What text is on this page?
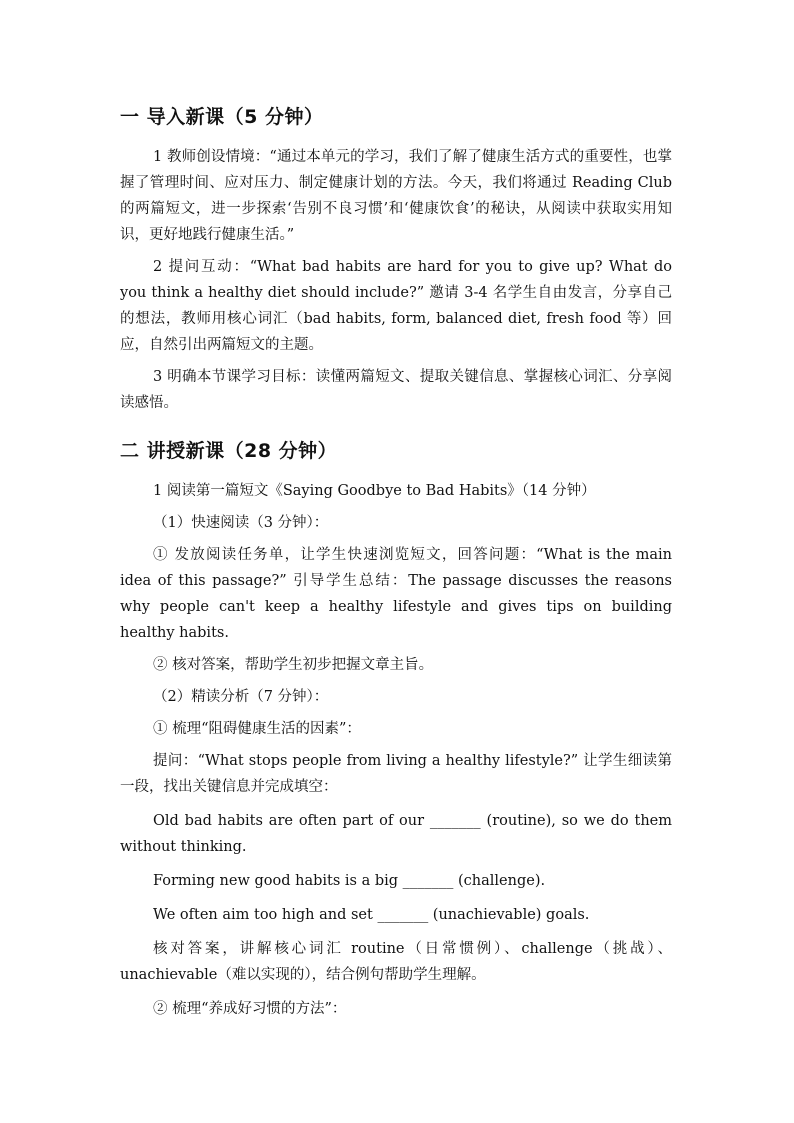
一 导入新课（5 分钟）

1 教师创设情境：“通过本单元的学习，我们了解了健康生活方式的重要性，也掌握了管理时间、应对压力、制定健康计划的方法。今天，我们将通过 Reading Club 的两篇短文，进一步探索‘告别不良习惯’和‘健康饮食’的秘诀，从阅读中获取实用知识，更好地践行健康生活。”

2 提问互动：“What bad habits are hard for you to give up? What do you think a healthy diet should include?” 邀请 3-4 名学生自由发言，分享自己的想法，教师用核心词汇（bad habits, form, balanced diet, fresh food 等）回应，自然引出两篇短文的主题。

3 明确本节课学习目标：读懂两篇短文、提取关键信息、掌握核心词汇、分享阅读感悟。

二 讲授新课（28 分钟）

1 阅读第一篇短文《Saying Goodbye to Bad Habits》（14 分钟）

（1）快速阅读（3 分钟）：

① 发放阅读任务单，让学生快速浏览短文，回答问题：“What is the main idea of this passage?” 引导学生总结：The passage discusses the reasons why people can't keep a healthy lifestyle and gives tips on building healthy habits.

② 核对答案，帮助学生初步把握文章主旨。

（2）精读分析（7 分钟）：

① 梳理“阻碍健康生活的因素”：

提问：“What stops people from living a healthy lifestyle?” 让学生细读第一段，找出关键信息并完成填空：

Old bad habits are often part of our _______ (routine), so we do them without thinking.

Forming new good habits is a big _______ (challenge).

We often aim too high and set _______ (unachievable) goals.

核对答案，讲解核心词汇 routine（日常惯例）、challenge（挑战）、unachievable（难以实现的），结合例句帮助学生理解。

② 梳理“养成好习惯的方法”：
